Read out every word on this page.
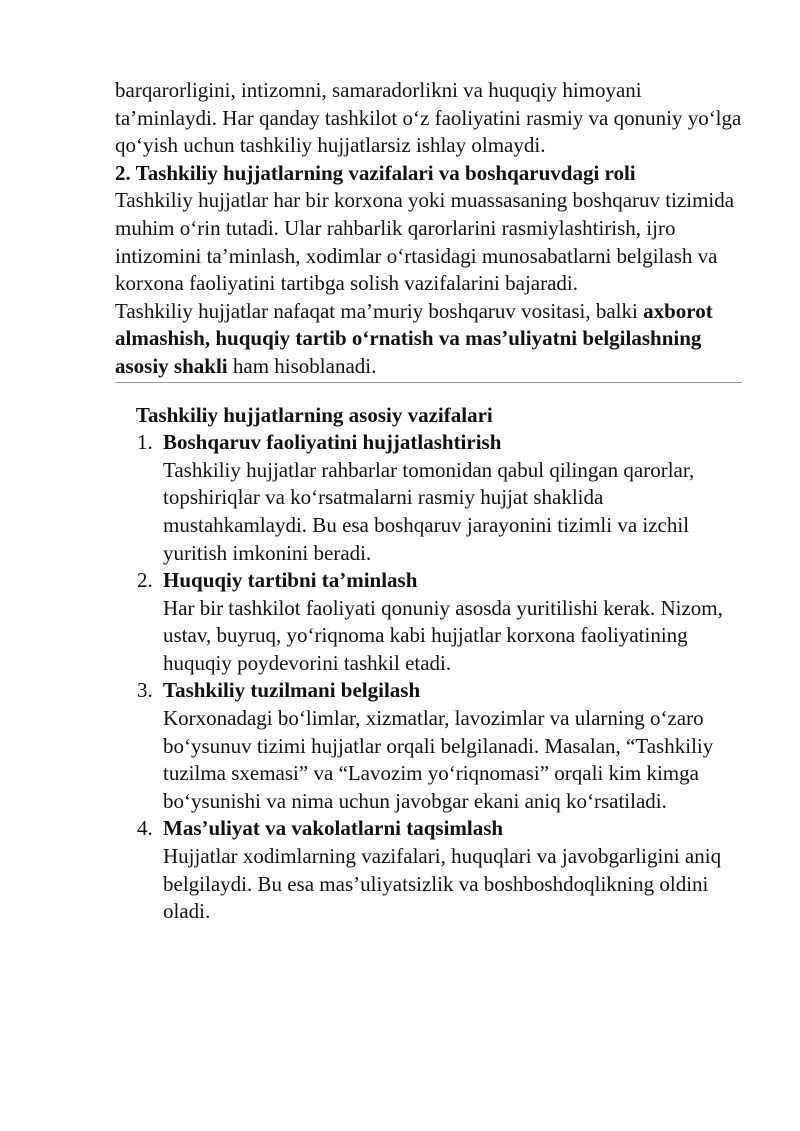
barqarorligini, intizomni, samaradorlikni va huquqiy himoyani ta’minlaydi. Har qanday tashkilot o‘z faoliyatini rasmiy va qonuniy yo‘lga qo‘yish uchun tashkiliy hujjatlarsiz ishlay olmaydi.

2. Tashkiliy hujjatlarning vazifalari va boshqaruvdagi roli

Tashkiliy hujjatlar har bir korxona yoki muassasaning boshqaruv tizimida muhim o‘rin tutadi. Ular rahbarlik qarorlarini rasmiylashtirish, ijro intizomini ta’minlash, xodimlar o‘rtasidagi munosabatlarni belgilash va korxona faoliyatini tartibga solish vazifalarini bajaradi.

Tashkiliy hujjatlar nafaqat ma’muriy boshqaruv vositasi, balki axborot almashish, huquqiy tartib o‘rnatish va mas’uliyatni belgilashning asosiy shakli ham hisoblanadi.

Tashkiliy hujjatlarning asosiy vazifalari

1. Boshqaruv faoliyatini hujjatlashtirish
Tashkiliy hujjatlar rahbarlar tomonidan qabul qilingan qarorlar, topshiriqlar va ko‘rsatmalarni rasmiy hujjat shaklida mustahkamlaydi. Bu esa boshqaruv jarayonini tizimli va izchil yuritish imkonini beradi.
2. Huquqiy tartibni ta’minlash
Har bir tashkilot faoliyati qonuniy asosda yuritilishi kerak. Nizom, ustav, buyruq, yo‘riqnoma kabi hujjatlar korxona faoliyatining huquqiy poydevorini tashkil etadi.
3. Tashkiliy tuzilmani belgilash
Korxonadagi bo‘limlar, xizmatlar, lavozimlar va ularning o‘zaro bo‘ysunuv tizimi hujjatlar orqali belgilanadi. Masalan, “Tashkiliy tuzilma sxemasi” va “Lavozim yo‘riqnomasi” orqali kim kimga bo‘ysunishi va nima uchun javobgar ekani aniq ko‘rsatiladi.
4. Mas’uliyat va vakolatlarni taqsimlash
Hujjatlar xodimlarning vazifalari, huquqlari va javobgarligini aniq belgilaydi. Bu esa mas’uliyatsizlik va boshboshdoqlikning oldini oladi.
